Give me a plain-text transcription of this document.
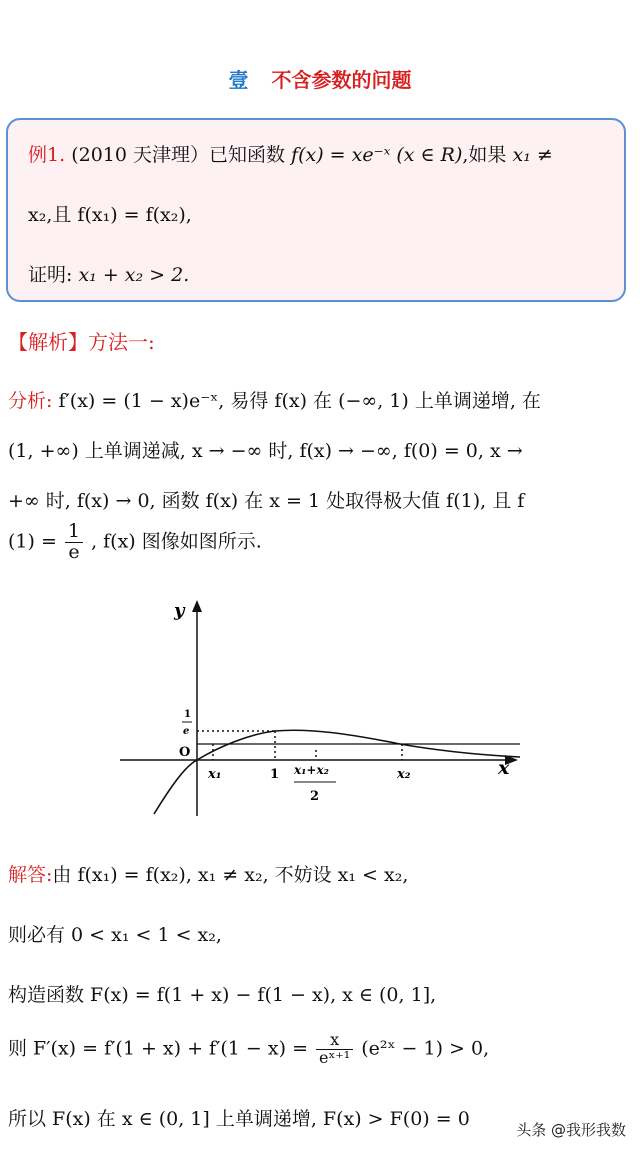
壹 不含参数的问题
例1. (2010 天津理）已知函数 f(x) = xe⁻ˣ (x ∈ R),如果 x₁ ≠
x₂,且 f(x₁) = f(x₂),
证明: x₁ + x₂ > 2.
【解析】方法一:
分析: f′(x) = (1 − x)e⁻ˣ, 易得 f(x) 在 (−∞, 1) 上单调递增, 在
(1, +∞) 上单调递减, x → −∞ 时, f(x) → −∞, f(0) = 0, x →
+∞ 时, f(x) → 0, 函数 f(x) 在 x = 1 处取得极大值 f(1), 且 f
$(1) = \frac{1}{e}$ , f(x) 图像如图所示.
y
x
O
1
e
x₁	1 x₁+x₂
2
x₂
解答:由 f(x₁) = f(x₂), x₁ ≠ x₂, 不妨设 x₁ < x₂,
则必有 0 < x₁ < 1 < x₂,
构造函数 F(x) = f(1 + x) − f(1 − x), x ∈ (0, 1],
则 $F'(x) = f'(1 + x) + f'(1 - x) = \frac{x}{\text{eˣ⁺¹}}$ (e²ˣ − 1) > 0,
所以 F(x) 在 x ∈ (0, 1] 上单调递增, F(x) > F(0) = 0	头条 @我形我数
